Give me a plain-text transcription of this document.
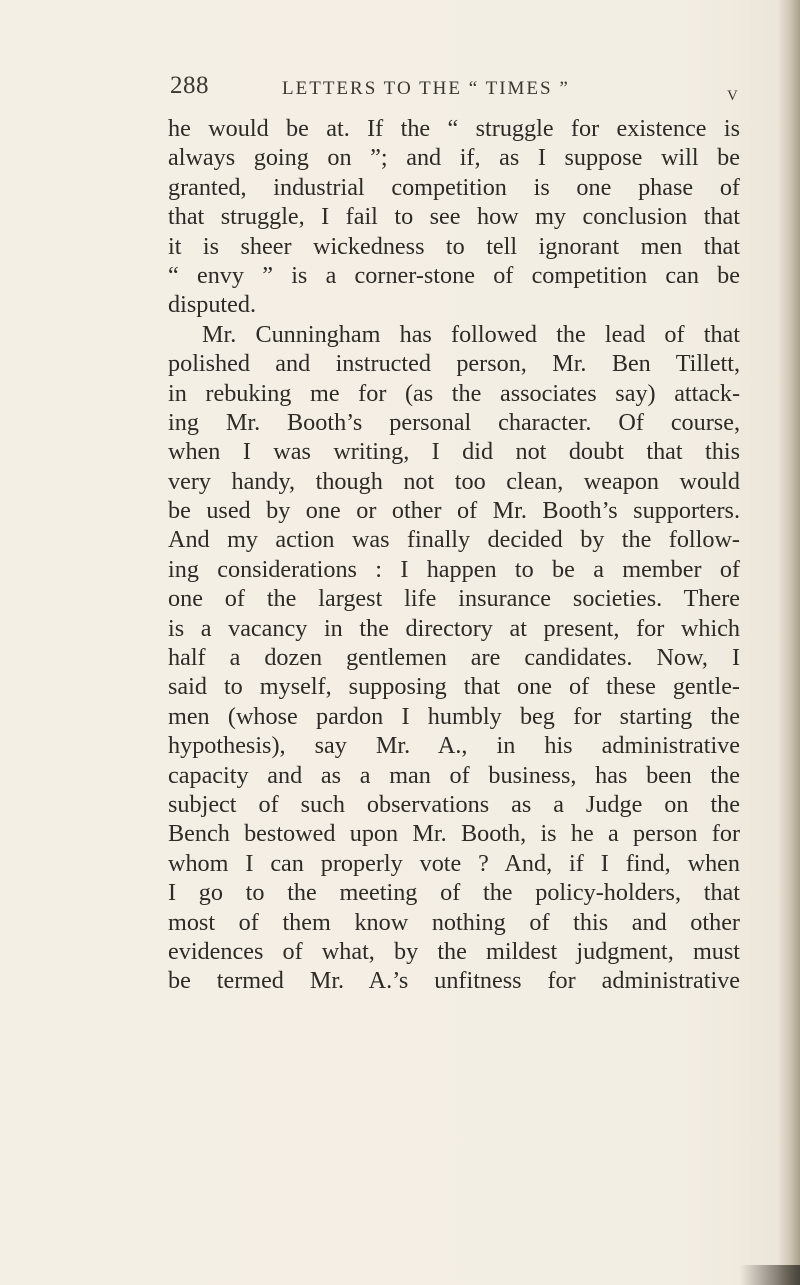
288	LETTERS TO THE “ TIMES ”	V
he would be at. If the “ struggle for existence is
always going on ”; and if, as I suppose will be
granted, industrial competition is one phase of
that struggle, I fail to see how my conclusion that
it is sheer wickedness to tell ignorant men that
“ envy ” is a corner-stone of competition can be
disputed.
Mr. Cunningham has followed the lead of that
polished and instructed person, Mr. Ben Tillett,
in rebuking me for (as the associates say) attack-
ing Mr. Booth’s personal character. Of course,
when I was writing, I did not doubt that this
very handy, though not too clean, weapon would
be used by one or other of Mr. Booth’s supporters.
And my action was finally decided by the follow-
ing considerations : I happen to be a member of
one of the largest life insurance societies. There
is a vacancy in the directory at present, for which
half a dozen gentlemen are candidates. Now, I
said to myself, supposing that one of these gentle-
men (whose pardon I humbly beg for starting the
hypothesis), say Mr. A., in his administrative
capacity and as a man of business, has been the
subject of such observations as a Judge on the
Bench bestowed upon Mr. Booth, is he a person for
whom I can properly vote ? And, if I find, when
I go to the meeting of the policy-holders, that
most of them know nothing of this and other
evidences of what, by the mildest judgment, must
be termed Mr. A.’s unfitness for administrative
